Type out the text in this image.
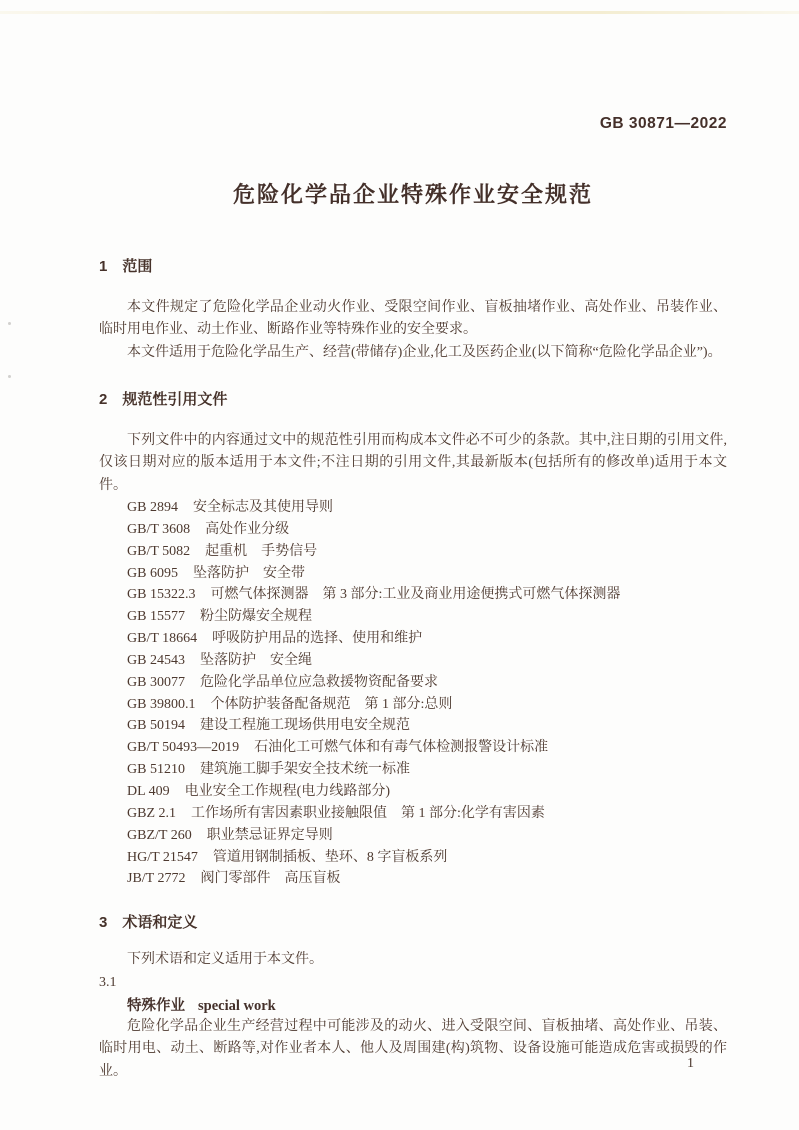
GB 30871—2022
危险化学品企业特殊作业安全规范
1　范围

本文件规定了危险化学品企业动火作业、受限空间作业、盲板抽堵作业、高处作业、吊装作业、临时用电作业、动土作业、断路作业等特殊作业的安全要求。

本文件适用于危险化学品生产、经营(带储存)企业,化工及医药企业(以下简称“危险化学品企业”)。

2　规范性引用文件

下列文件中的内容通过文中的规范性引用而构成本文件必不可少的条款。其中,注日期的引用文件,仅该日期对应的版本适用于本文件;不注日期的引用文件,其最新版本(包括所有的修改单)适用于本文件。

GB 2894 安全标志及其使用导则
GB/T 3608 高处作业分级
GB/T 5082 起重机　手势信号
GB 6095 坠落防护　安全带
GB 15322.3 可燃气体探测器　第 3 部分:工业及商业用途便携式可燃气体探测器
GB 15577 粉尘防爆安全规程
GB/T 18664 呼吸防护用品的选择、使用和维护
GB 24543 坠落防护　安全绳
GB 30077 危险化学品单位应急救援物资配备要求
GB 39800.1 个体防护装备配备规范　第 1 部分:总则
GB 50194 建设工程施工现场供用电安全规范
GB/T 50493—2019 石油化工可燃气体和有毒气体检测报警设计标准
GB 51210 建筑施工脚手架安全技术统一标准
DL 409 电业安全工作规程(电力线路部分)
GBZ 2.1 工作场所有害因素职业接触限值　第 1 部分:化学有害因素
GBZ/T 260 职业禁忌证界定导则
HG/T 21547 管道用钢制插板、垫环、8 字盲板系列
JB/T 2772 阀门零部件　高压盲板
3　术语和定义

下列术语和定义适用于本文件。

3.1
特殊作业 special work

危险化学品企业生产经营过程中可能涉及的动火、进入受限空间、盲板抽堵、高处作业、吊装、临时用电、动土、断路等,对作业者本人、他人及周围建(构)筑物、设备设施可能造成危害或损毁的作业。

1
